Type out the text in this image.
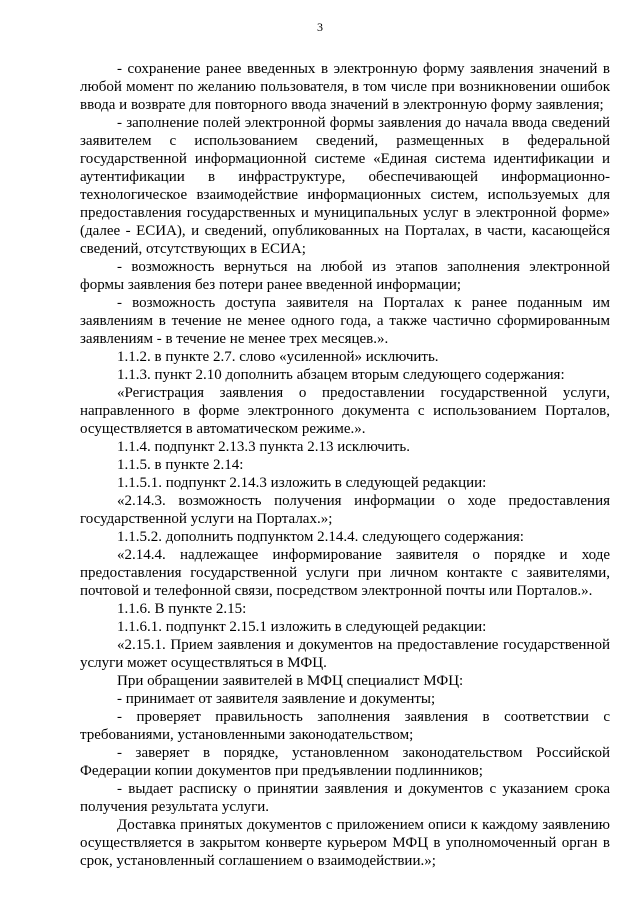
3

- сохранение ранее введенных в электронную форму заявления значений в любой момент по желанию пользователя, в том числе при возникновении ошибок ввода и возврате для повторного ввода значений в электронную форму заявления;

- заполнение полей электронной формы заявления до начала ввода сведений заявителем с использованием сведений, размещенных в федеральной государственной информационной системе «Единая система идентификации и аутентификации в инфраструктуре, обеспечивающей информационно-технологическое взаимодействие информационных систем, используемых для предоставления государственных и муниципальных услуг в электронной форме» (далее - ЕСИА), и сведений, опубликованных на Порталах, в части, касающейся сведений, отсутствующих в ЕСИА;

- возможность вернуться на любой из этапов заполнения электронной формы заявления без потери ранее введенной информации;

- возможность доступа заявителя на Порталах к ранее поданным им заявлениям в течение не менее одного года, а также частично сформированным заявлениям - в течение не менее трех месяцев.».

1.1.2. в пункте 2.7. слово «усиленной» исключить.

1.1.3. пункт 2.10 дополнить абзацем вторым следующего содержания:

«Регистрация заявления о предоставлении государственной услуги, направленного в форме электронного документа с использованием Порталов, осуществляется в автоматическом режиме.».

1.1.4. подпункт 2.13.3 пункта 2.13 исключить.

1.1.5. в пункте 2.14:

1.1.5.1. подпункт 2.14.3 изложить в следующей редакции:

«2.14.3. возможность получения информации о ходе предоставления государственной услуги на Порталах.»;

1.1.5.2. дополнить подпунктом 2.14.4. следующего содержания:

«2.14.4. надлежащее информирование заявителя о порядке и ходе предоставления государственной услуги при личном контакте с заявителями, почтовой и телефонной связи, посредством электронной почты или Порталов.».

1.1.6. В пункте 2.15:

1.1.6.1. подпункт 2.15.1 изложить в следующей редакции:

«2.15.1. Прием заявления и документов на предоставление государственной услуги может осуществляться в МФЦ.

При обращении заявителей в МФЦ специалист МФЦ:

- принимает от заявителя заявление и документы;

- проверяет правильность заполнения заявления в соответствии с требованиями, установленными законодательством;

- заверяет в порядке, установленном законодательством Российской Федерации копии документов при предъявлении подлинников;

- выдает расписку о принятии заявления и документов с указанием срока получения результата услуги.

Доставка принятых документов с приложением описи к каждому заявлению осуществляется в закрытом конверте курьером МФЦ в уполномоченный орган в срок, установленный соглашением о взаимодействии.»;
